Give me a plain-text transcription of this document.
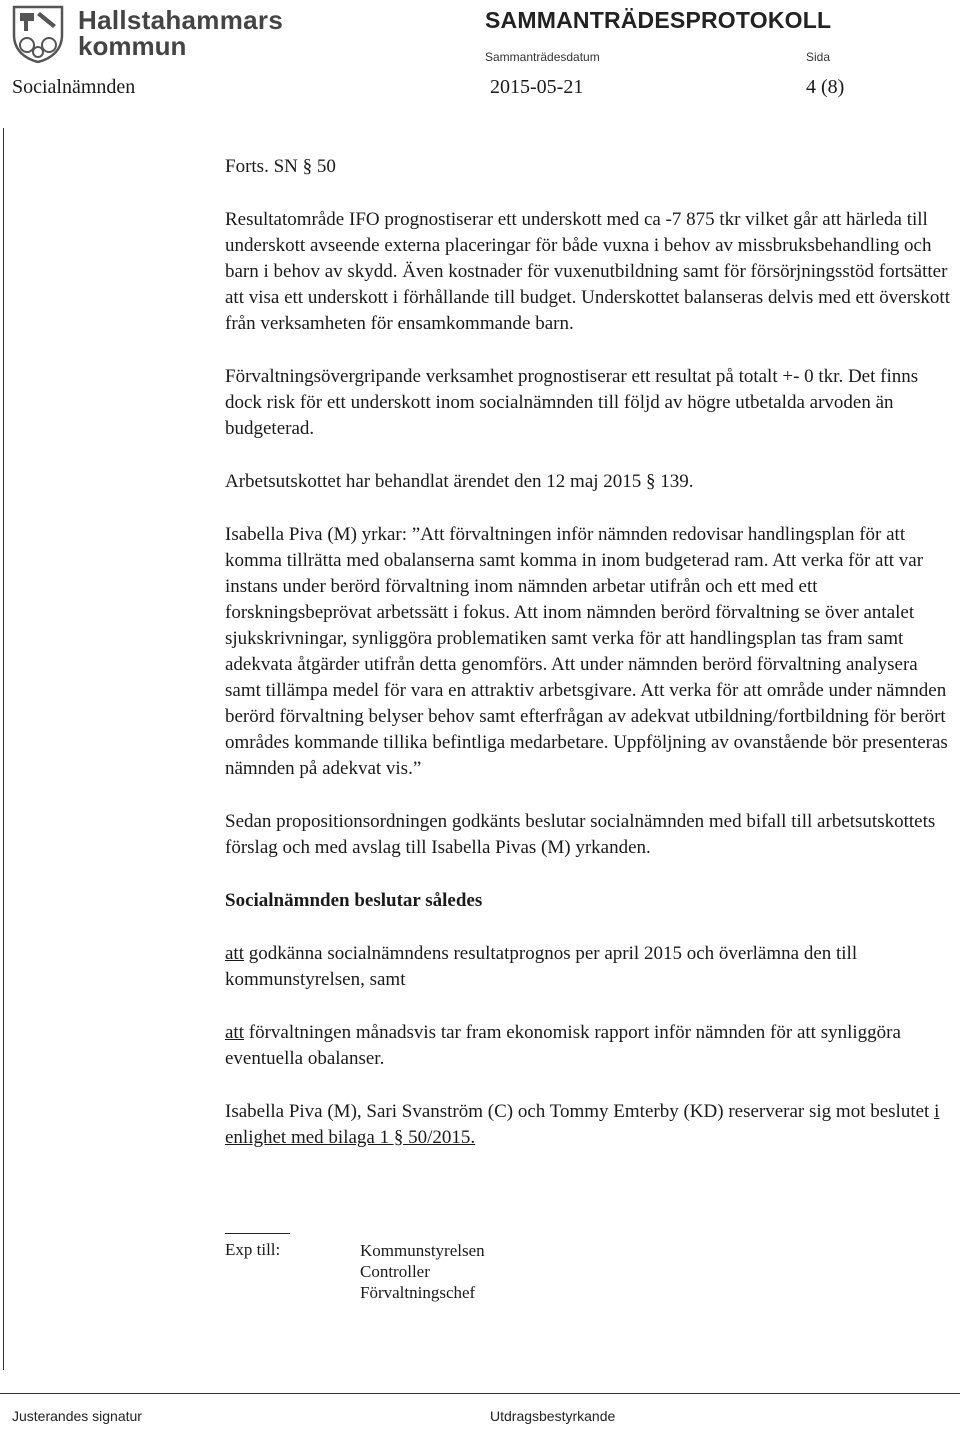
Hallstahammars
kommun
SAMMANTRÄDESPROTOKOLL
Sammanträdesdatum	Sida
Socialnämnden	2015-05-21	4 (8)

Forts. SN § 50

Resultatområde IFO prognostiserar ett underskott med ca -7 875 tkr vilket går att härleda till underskott avseende externa placeringar för både vuxna i behov av missbruksbehandling och barn i behov av skydd. Även kostnader för vuxenutbildning samt för försörjningsstöd fortsätter att visa ett underskott i förhållande till budget. Underskottet balanseras delvis med ett överskott från verksamheten för ensamkommande barn.

Förvaltningsövergripande verksamhet prognostiserar ett resultat på totalt +- 0 tkr. Det finns dock risk för ett underskott inom socialnämnden till följd av högre utbetalda arvoden än budgeterad.

Arbetsutskottet har behandlat ärendet den 12 maj 2015 § 139.

Isabella Piva (M) yrkar: ”Att förvaltningen inför nämnden redovisar handlingsplan för att komma tillrätta med obalanserna samt komma in inom budgeterad ram. Att verka för att var instans under berörd förvaltning inom nämnden arbetar utifrån och ett med ett forskningsbeprövat arbetssätt i fokus. Att inom nämnden berörd förvaltning se över antalet sjukskrivningar, synliggöra problematiken samt verka för att handlingsplan tas fram samt adekvata åtgärder utifrån detta genomförs. Att under nämnden berörd förvaltning analysera samt tillämpa medel för vara en attraktiv arbetsgivare. Att verka för att område under nämnden berörd förvaltning belyser behov samt efterfrågan av adekvat utbildning/fortbildning för berört områdes kommande tillika befintliga medarbetare. Uppföljning av ovanstående bör presenteras nämnden på adekvat vis.”

Sedan propositionsordningen godkänts beslutar socialnämnden med bifall till arbetsutskottets förslag och med avslag till Isabella Pivas (M) yrkanden.

Socialnämnden beslutar således

att godkänna socialnämndens resultatprognos per april 2015 och överlämna den till kommunstyrelsen, samt

att förvaltningen månadsvis tar fram ekonomisk rapport inför nämnden för att synliggöra eventuella obalanser.

Isabella Piva (M), Sari Svanström (C) och Tommy Emterby (KD) reserverar sig mot beslutet i enlighet med bilaga 1 § 50/2015.

Exp till:	Kommunstyrelsen
Controller
Förvaltningschef
Justerandes signatur	Utdragsbestyrkande
